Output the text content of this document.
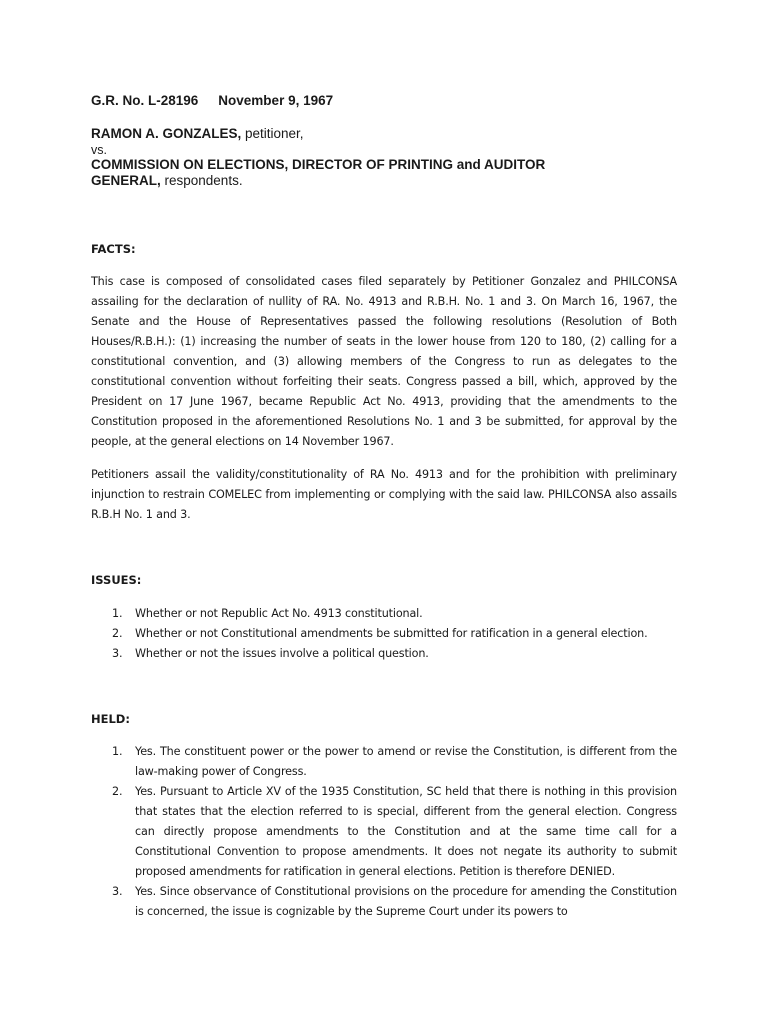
G.R. No. L-28196 November 9, 1967
RAMON A. GONZALES, petitioner,
vs.
COMMISSION ON ELECTIONS, DIRECTOR OF PRINTING and AUDITOR GENERAL, respondents.
FACTS:

This case is composed of consolidated cases filed separately by Petitioner Gonzalez and PHILCONSA assailing for the declaration of nullity of RA. No. 4913 and R.B.H. No. 1 and 3. On March 16, 1967, the Senate and the House of Representatives passed the following resolutions (Resolution of Both Houses/R.B.H.): (1) increasing the number of seats in the lower house from 120 to 180, (2) calling for a constitutional convention, and (3) allowing members of the Congress to run as delegates to the constitutional convention without forfeiting their seats. Congress passed a bill, which, approved by the President on 17 June 1967, became Republic Act No. 4913, providing that the amendments to the Constitution proposed in the aforementioned Resolutions No. 1 and 3 be submitted, for approval by the people, at the general elections on 14 November 1967.

Petitioners assail the validity/constitutionality of RA No. 4913 and for the prohibition with preliminary injunction to restrain COMELEC from implementing or complying with the said law. PHILCONSA also assails R.B.H No. 1 and 3.

ISSUES:
1. Whether or not Republic Act No. 4913 constitutional.
2. Whether or not Constitutional amendments be submitted for ratification in a general election.
3. Whether or not the issues involve a political question.
HELD:
1. Yes. The constituent power or the power to amend or revise the Constitution, is different from the law-making power of Congress.
2. Yes. Pursuant to Article XV of the 1935 Constitution, SC held that there is nothing in this provision that states that the election referred to is special, different from the general election. Congress can directly propose amendments to the Constitution and at the same time call for a Constitutional Convention to propose amendments. It does not negate its authority to submit proposed amendments for ratification in general elections. Petition is therefore DENIED.
3. Yes. Since observance of Constitutional provisions on the procedure for amending the Constitution is concerned, the issue is cognizable by the Supreme Court under its powers to
